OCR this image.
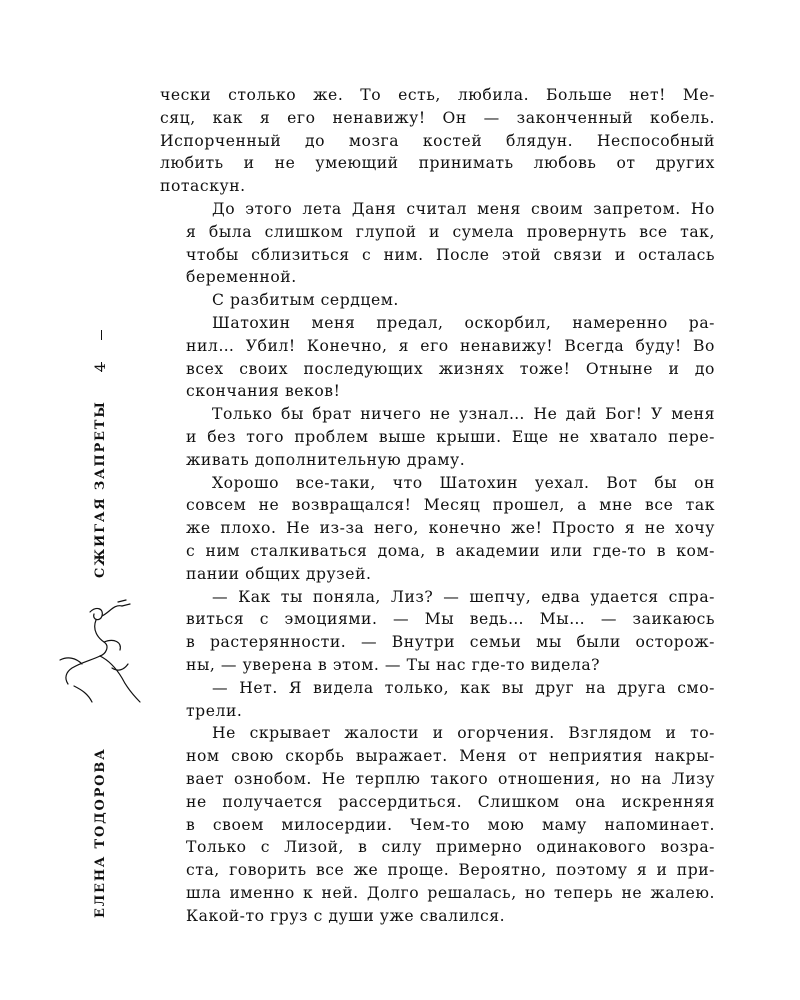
4
СЖИГАЯ ЗАПРЕТЫ
ЕЛЕНА ТОДОРОВА

чески столько же. То есть, любила. Больше нет! Ме-
сяц, как я его ненавижу! Он — законченный кобель.
Испорченный до мозга костей блядун. Неспособный
любить и не умеющий принимать любовь от других
потаскун.

До этого лета Даня считал меня своим запретом. Но
я была слишком глупой и сумела провернуть все так,
чтобы сблизиться с ним. После этой связи и осталась
беременной.

С разбитым сердцем.

Шатохин меня предал, оскорбил, намеренно ра-
нил… Убил! Конечно, я его ненавижу! Всегда буду! Во
всех своих последующих жизнях тоже! Отныне и до
скончания веков!

Только бы брат ничего не узнал… Не дай Бог! У меня
и без того проблем выше крыши. Еще не хватало пере-
живать дополнительную драму.

Хорошо все-таки, что Шатохин уехал. Вот бы он
совсем не возвращался! Месяц прошел, а мне все так
же плохо. Не из-за него, конечно же! Просто я не хочу
с ним сталкиваться дома, в академии или где-то в ком-
пании общих друзей.

— Как ты поняла, Лиз? — шепчу, едва удается спра-
виться с эмоциями. — Мы ведь… Мы… — заикаюсь
в растерянности. — Внутри семьи мы были осторож-
ны, — уверена в этом. — Ты нас где-то видела?

— Нет. Я видела только, как вы друг на друга смо-
трели.

Не скрывает жалости и огорчения. Взглядом и то-
ном свою скорбь выражает. Меня от неприятия накры-
вает ознобом. Не терплю такого отношения, но на Лизу
не получается рассердиться. Слишком она искренняя
в своем милосердии. Чем-то мою маму напоминает.
Только с Лизой, в силу примерно одинакового возра-
ста, говорить все же проще. Вероятно, поэтому я и при-
шла именно к ней. Долго решалась, но теперь не жалею.
Какой-то груз с души уже свалился.
